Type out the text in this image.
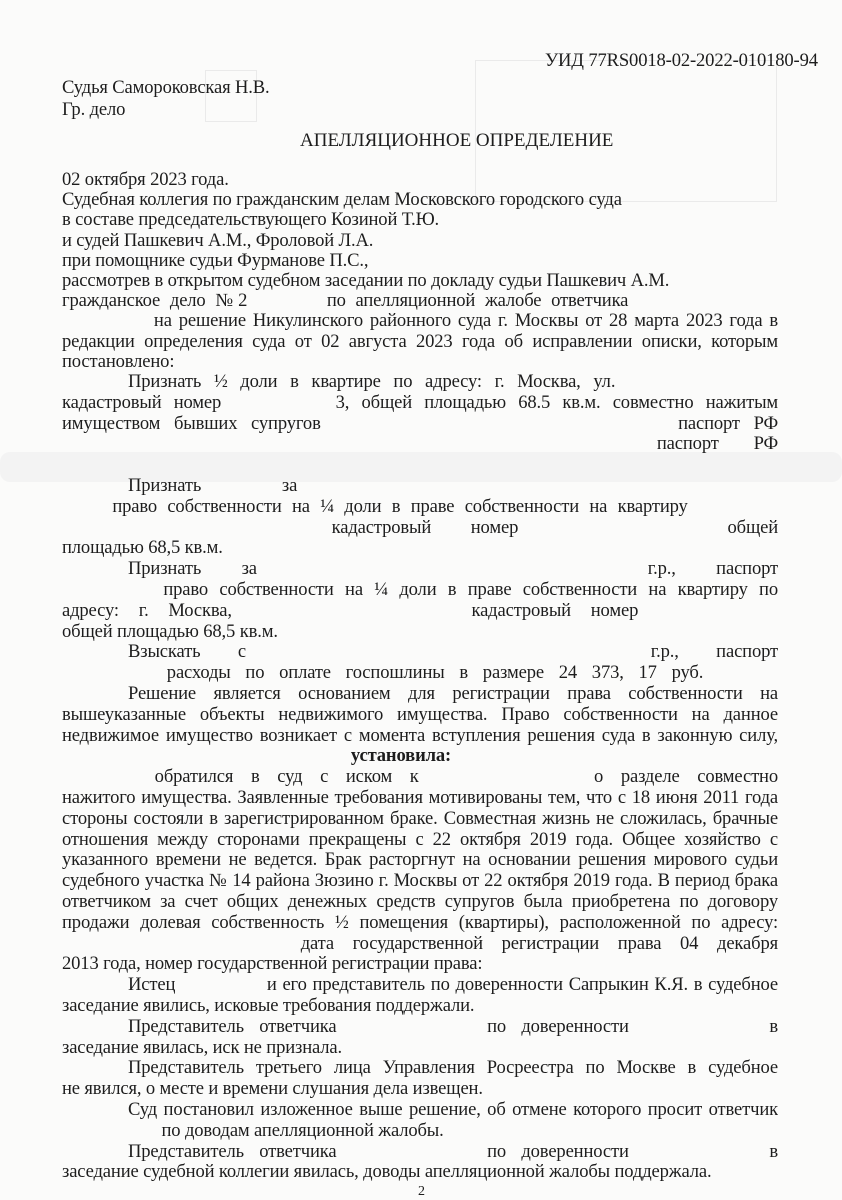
2
УИД 77RS0018-02-2022-010180-94
Судья Самороковская Н.В.
Гр. дело
АПЕЛЛЯЦИОННОЕ ОПРЕДЕЛЕНИЕ
02 октября 2023 года.
Судебная коллегия по гражданским делам Московского городского суда
в составе председательствующего Козиной Т.Ю.
и судей Пашкевич А.М., Фроловой Л.А.
при помощнике судьи Фурманове П.С.,
рассмотрев в открытом судебном заседании по докладу судьи Пашкевич А.М.
гражданское дело №2	по апелляционной жалобе ответчика
на решение Никулинского районного суда г. Москвы от 28 марта 2023 года в
редакции определения суда от 02 августа 2023 года об исправлении описки, которым
постановлено:
Признать ½ доли в квартире по адресу: г. Москва, ул.
кадастровый номер	3, общей площадью 68.5 кв.м. совместно нажитым
имуществом бывших супругов	паспорт РФ
паспорт РФ
Признать за
право собственности на ¼ доли в праве собственности на квартиру
кадастровый номер	общей
площадью 68,5 кв.м.
Признать за	г.р., паспорт
право собственности на ¼ доли в праве собственности на квартиру по
адресу: г. Москва,	кадастровый номер
общей площадью 68,5 кв.м.
Взыскать с	г.р., паспорт
расходы по оплате госпошлины в размере 24 373, 17 руб.
Решение является основанием для регистрации права собственности на
вышеуказанные объекты недвижимого имущества. Право собственности на данное
недвижимое имущество возникает с момента вступления решения суда в законную силу,
установила:
обратился в суд с иском к	о разделе совместно
нажитого имущества. Заявленные требования мотивированы тем, что с 18 июня 2011 года
стороны состояли в зарегистрированном браке. Совместная жизнь не сложилась, брачные
отношения между сторонами прекращены с 22 октября 2019 года. Общее хозяйство с
указанного времени не ведется. Брак расторгнут на основании решения мирового судьи
судебного участка № 14 района Зюзино г. Москвы от 22 октября 2019 года. В период брака
ответчиком за счет общих денежных средств супругов была приобретена по договору
продажи долевая собственность ½ помещения (квартиры), расположенной по адресу:
дата государственной регистрации права 04 декабря
2013 года, номер государственной регистрации права:
Истец	и его представитель по доверенности Сапрыкин К.Я. в судебное
заседание явились, исковые требования поддержали.
Представитель ответчика	по доверенности	в
заседание явилась, иск не признала.
Представитель третьего лица Управления Росреестра по Москве в судебное
не явился, о месте и времени слушания дела извещен.
Суд постановил изложенное выше решение, об отмене которого просит ответчик
по доводам апелляционной жалобы.
Представитель ответчика	по доверенности	в
заседание судебной коллегии явилась, доводы апелляционной жалобы поддержала.
